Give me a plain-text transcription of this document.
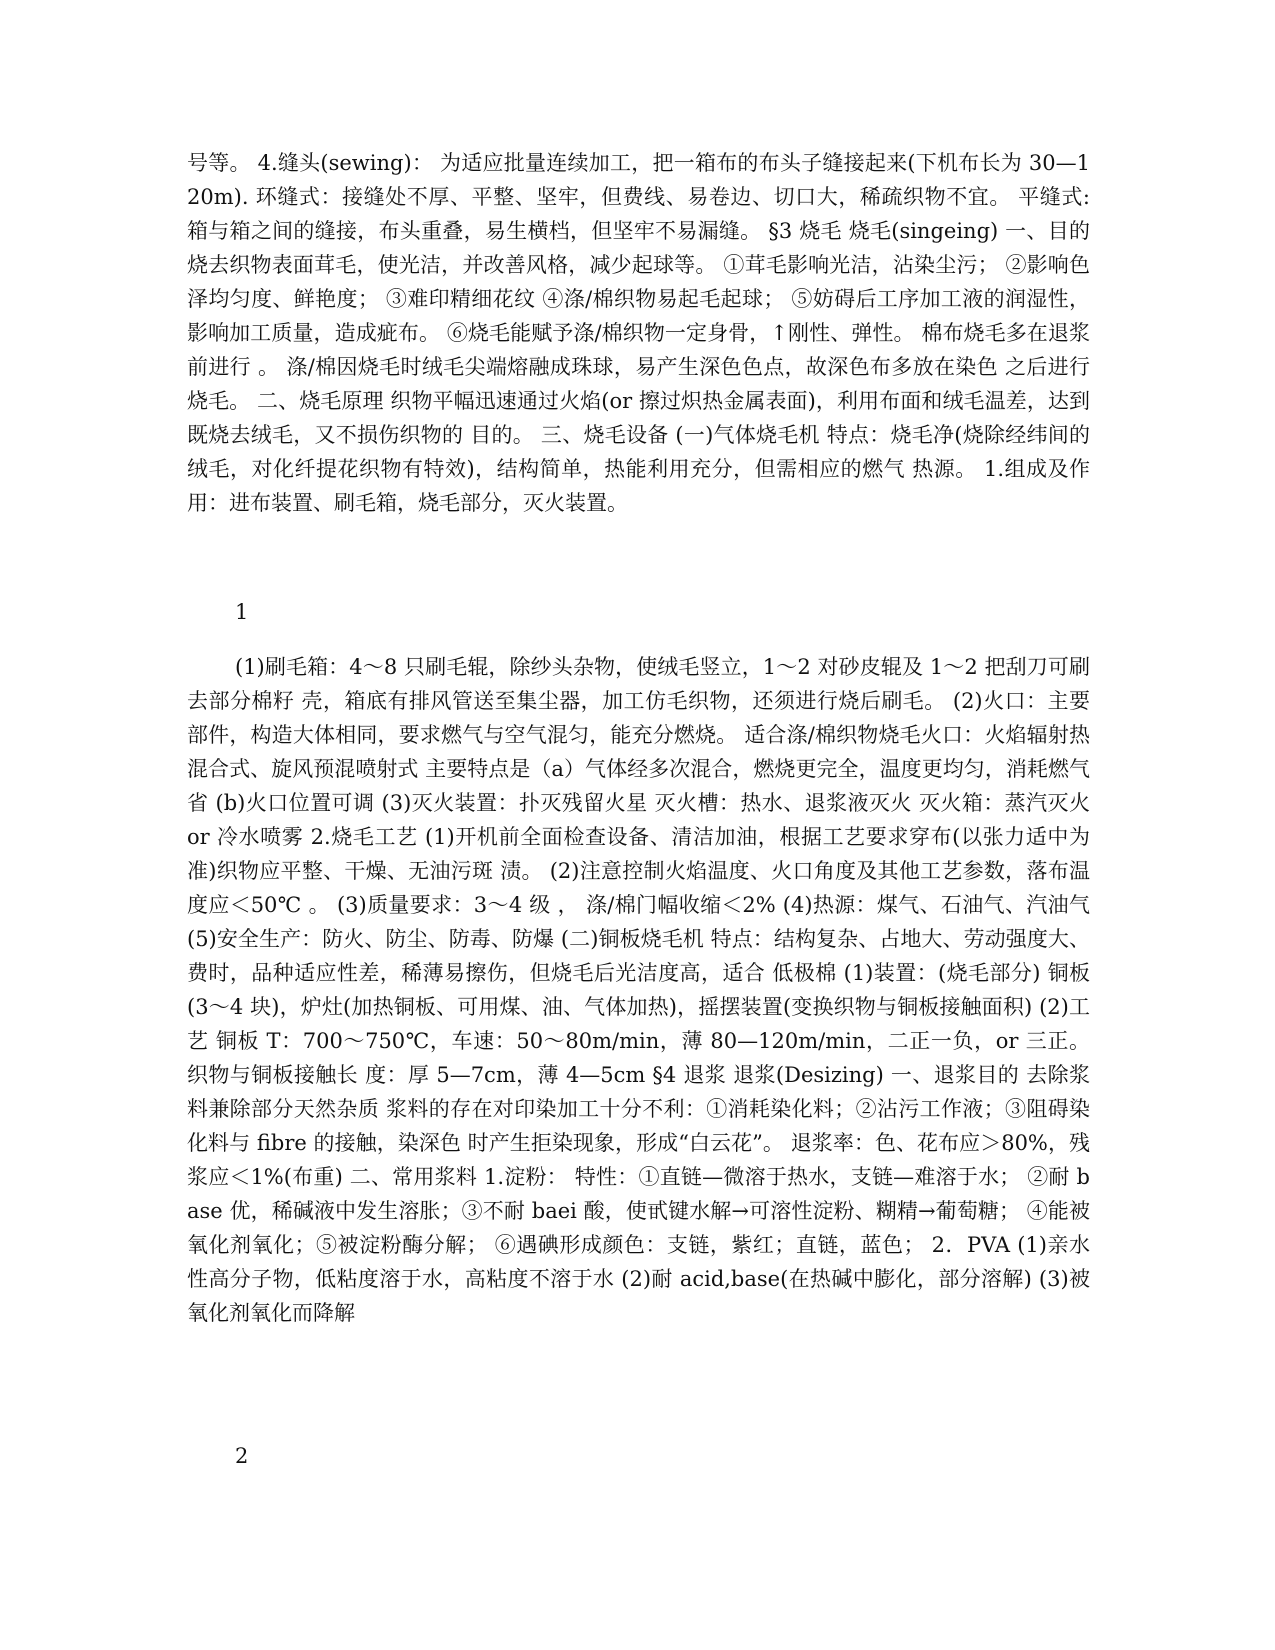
号等。 4.缝头(sewing)： 为适应批量连续加工，把一箱布的布头子缝接起来(下机布长为 30—120m). 环缝式：接缝处不厚、平整、坚牢，但费线、易卷边、切口大，稀疏织物不宜。 平缝式: 箱与箱之间的缝接，布头重叠，易生横档，但坚牢不易漏缝。 §3 烧毛 烧毛(singeing) 一、目的 烧去织物表面茸毛，使光洁，并改善风格，减少起球等。 ①茸毛影响光洁，沾染尘污； ②影响色泽均匀度、鲜艳度； ③难印精细花纹 ④涤/棉织物易起毛起球； ⑤妨碍后工序加工液的润湿性，影响加工质量，造成疵布。 ⑥烧毛能赋予涤/棉织物一定身骨，↑刚性、弹性。 棉布烧毛多在退浆前进行 。 涤/棉因烧毛时绒毛尖端熔融成珠球，易产生深色色点，故深色布多放在染色 之后进行烧毛。 二、烧毛原理 织物平幅迅速通过火焰(or 擦过炽热金属表面)，利用布面和绒毛温差，达到既烧去绒毛，又不损伤织物的 目的。 三、烧毛设备 (一)气体烧毛机 特点：烧毛净(烧除经纬间的绒毛，对化纤提花织物有特效)，结构简单，热能利用充分，但需相应的燃气 热源。 1.组成及作用：进布装置、刷毛箱，烧毛部分，灭火装置。

1

(1)刷毛箱：4～8 只刷毛辊，除纱头杂物，使绒毛竖立，1～2 对砂皮辊及 1～2 把刮刀可刷去部分棉籽 壳，箱底有排风管送至集尘器，加工仿毛织物，还须进行烧后刷毛。 (2)火口：主要部件，构造大体相同，要求燃气与空气混匀，能充分燃烧。 适合涤/棉织物烧毛火口：火焰辐射热混合式、旋风预混喷射式 主要特点是（a）气体经多次混合，燃烧更完全，温度更均匀，消耗燃气省 (b)火口位置可调 (3)灭火装置：扑灭残留火星 灭火槽：热水、退浆液灭火 灭火箱：蒸汽灭火 or 冷水喷雾 2.烧毛工艺 (1)开机前全面检查设备、清洁加油，根据工艺要求穿布(以张力适中为准)织物应平整、干燥、无油污斑 渍。 (2)注意控制火焰温度、火口角度及其他工艺参数，落布温度应＜50℃ 。 (3)质量要求：3～4 级 ， 涤/棉门幅收缩＜2% (4)热源：煤气、石油气、汽油气 (5)安全生产：防火、防尘、防毒、防爆 (二)铜板烧毛机 特点：结构复杂、占地大、劳动强度大、费时，品种适应性差，稀薄易擦伤，但烧毛后光洁度高，适合 低极棉 (1)装置：(烧毛部分) 铜板(3～4 块)，炉灶(加热铜板、可用煤、油、气体加热)，摇摆装置(变换织物与铜板接触面积) (2)工艺 铜板 T：700～750℃，车速：50～80m/min，薄 80—120m/min，二正一负，or 三正。织物与铜板接触长 度：厚 5—7cm，薄 4—5cm §4 退浆 退浆(Desizing) 一、退浆目的 去除浆料兼除部分天然杂质 浆料的存在对印染加工十分不利：①消耗染化料；②沾污工作液；③阻碍染化料与 fibre 的接触，染深色 时产生拒染现象，形成“白云花”。 退浆率：色、花布应＞80%，残浆应＜1%(布重) 二、常用浆料 1.淀粉： 特性：①直链—微溶于热水，支链—难溶于水； ②耐 base 优，稀碱液中发生溶胀；③不耐 baei 酸，使甙键水解→可溶性淀粉、糊精→葡萄糖； ④能被氧化剂氧化；⑤被淀粉酶分解； ⑥遇碘形成颜色：支链，紫红；直链，蓝色； 2．PVA (1)亲水性高分子物，低粘度溶于水，高粘度不溶于水 (2)耐 acid,base(在热碱中膨化，部分溶解) (3)被氧化剂氧化而降解

2
